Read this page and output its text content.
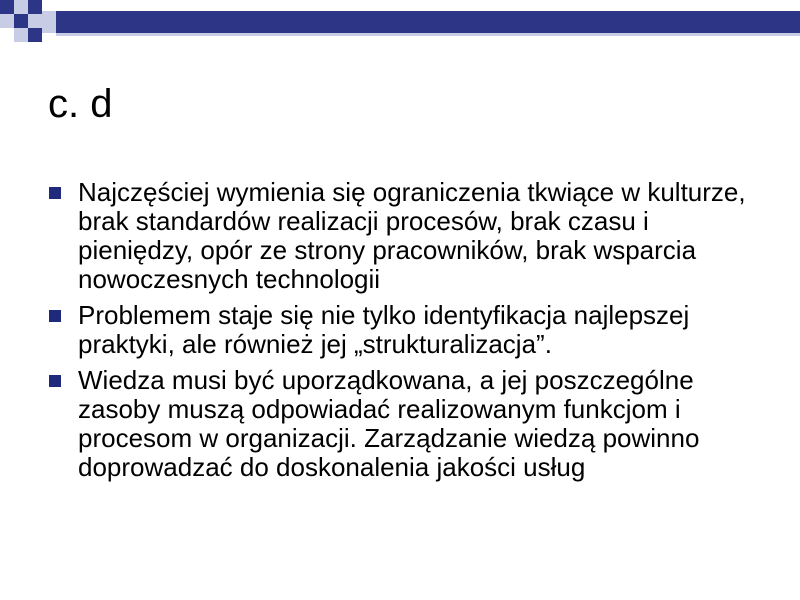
c. d
Najczęściej wymienia się ograniczenia tkwiące w kulturze, brak standardów realizacji procesów, brak czasu i pieniędzy, opór ze strony pracowników, brak wsparcia nowoczesnych technologii
Problemem staje się nie tylko identyfikacja najlepszej praktyki, ale również jej „strukturalizacja”.
Wiedza musi być uporządkowana, a jej poszczególne zasoby muszą odpowiadać realizowanym funkcjom i procesom w organizacji. Zarządzanie wiedzą powinno doprowadzać do doskonalenia jakości usług
